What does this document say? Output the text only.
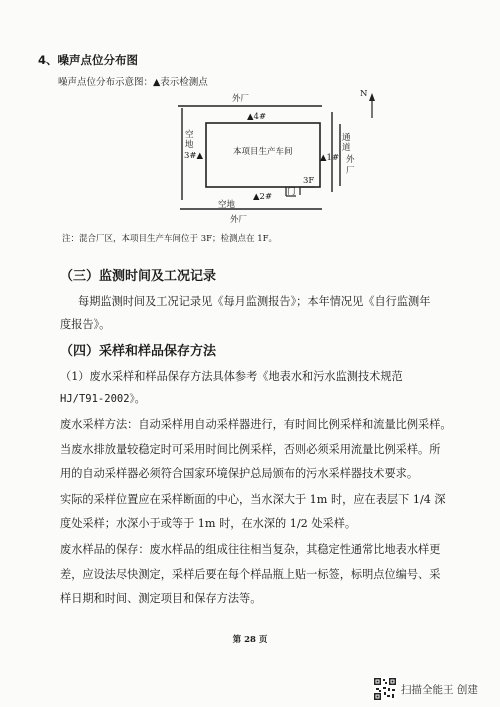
4、噪声点位分布图
噪声点位分布示意图：▲表示检测点
外厂
▲4#
空
地
3#▲	本项目生产车间
通
道
外
厂
▲1#
3F
门
▲2#
空地
外厂
N
注：混合厂区，本项目生产车间位于 3F；检测点在 1F。
（三）监测时间及工况记录
每期监测时间及工况记录见《每月监测报告》；本年情况见《自行监测年
度报告》。
（四）采样和样品保存方法
（1）废水采样和样品保存方法具体参考《地表水和污水监测技术规范
HJ/T91-2002》。
废水采样方法：自动采样用自动采样器进行，有时间比例采样和流量比例采样。
当废水排放量较稳定时可采用时间比例采样，否则必须采用流量比例采样。所
用的自动采样器必须符合国家环境保护总局颁布的污水采样器技术要求。
实际的采样位置应在采样断面的中心，当水深大于 1m 时，应在表层下 1/4 深
度处采样；水深小于或等于 1m 时，在水深的 1/2 处采样。
废水样品的保存：废水样品的组成往往相当复杂，其稳定性通常比地表水样更
差，应设法尽快测定，采样后要在每个样品瓶上贴一标签，标明点位编号、采
样日期和时间、测定项目和保存方法等。
第 28 页
扫描全能王 创建
